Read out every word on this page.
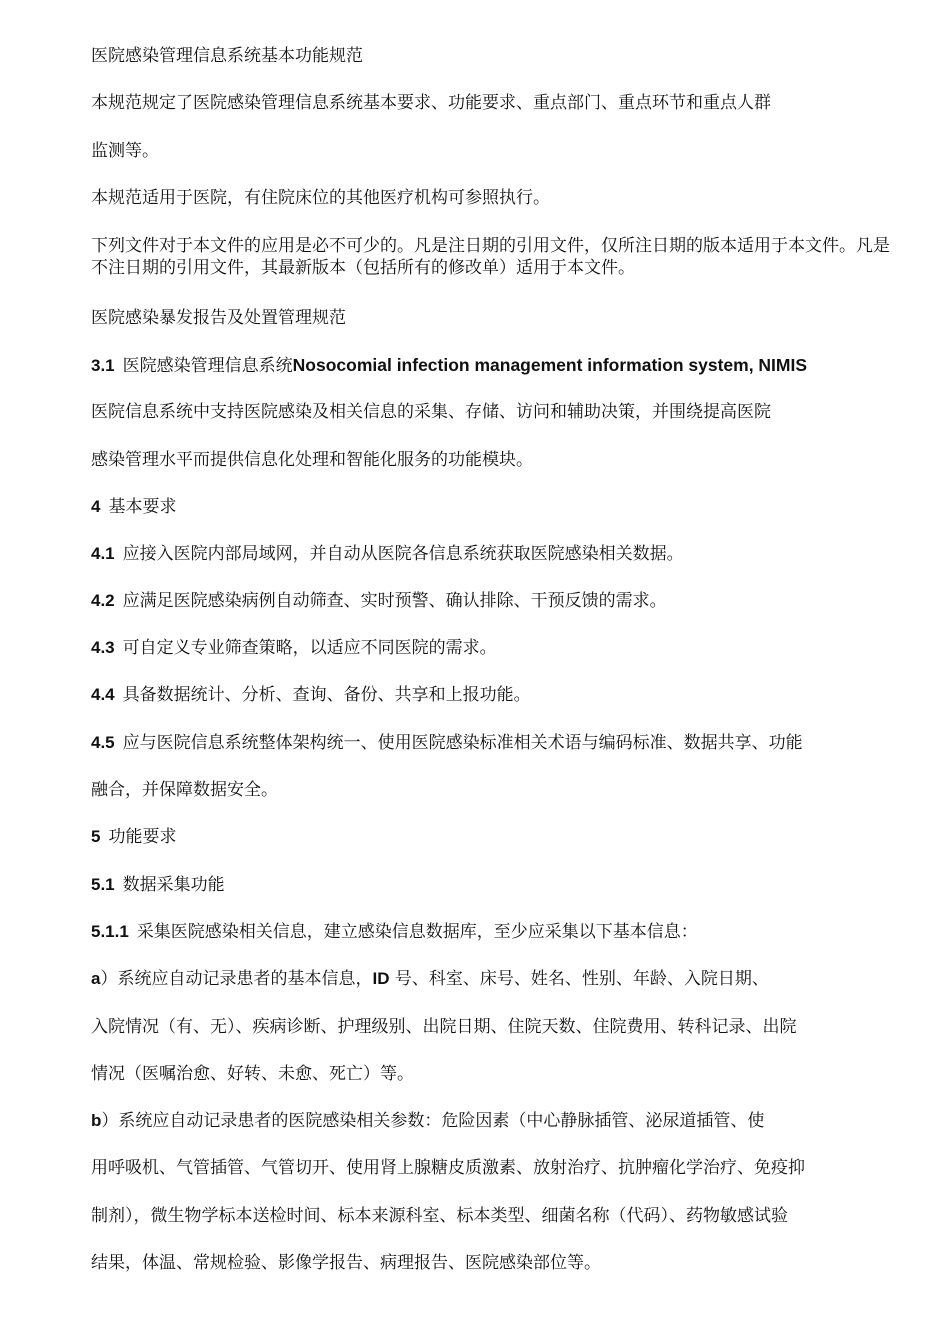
医院感染管理信息系统基本功能规范
本规范规定了医院感染管理信息系统基本要求、功能要求、重点部门、重点环节和重点人群
监测等。
本规范适用于医院，有住院床位的其他医疗机构可参照执行。
下列文件对于本文件的应用是必不可少的。凡是注日期的引用文件，仅所注日期的版本适用于本文件。凡是不注日期的引用文件，其最新版本（包括所有的修改单）适用于本文件。
医院感染暴发报告及处置管理规范
3.1 医院感染管理信息系统Nosocomial infection management information system, NIMIS
医院信息系统中支持医院感染及相关信息的采集、存储、访问和辅助决策，并围绕提高医院
感染管理水平而提供信息化处理和智能化服务的功能模块。
4 基本要求
4.1 应接入医院内部局域网，并自动从医院各信息系统获取医院感染相关数据。
4.2 应满足医院感染病例自动筛查、实时预警、确认排除、干预反馈的需求。
4.3 可自定义专业筛查策略，以适应不同医院的需求。
4.4 具备数据统计、分析、查询、备份、共享和上报功能。
4.5 应与医院信息系统整体架构统一、使用医院感染标准相关术语与编码标准、数据共享、功能
融合，并保障数据安全。
5 功能要求
5.1 数据采集功能
5.1.1 采集医院感染相关信息，建立感染信息数据库，至少应采集以下基本信息：
a）系统应自动记录患者的基本信息，ID 号、科室、床号、姓名、性别、年龄、入院日期、
入院情况（有、无）、疾病诊断、护理级别、出院日期、住院天数、住院费用、转科记录、出院
情况（医嘱治愈、好转、未愈、死亡）等。
b）系统应自动记录患者的医院感染相关参数：危险因素（中心静脉插管、泌尿道插管、使
用呼吸机、气管插管、气管切开、使用肾上腺糖皮质激素、放射治疗、抗肿瘤化学治疗、免疫抑
制剂），微生物学标本送检时间、标本来源科室、标本类型、细菌名称（代码）、药物敏感试验
结果，体温、常规检验、影像学报告、病理报告、医院感染部位等。
